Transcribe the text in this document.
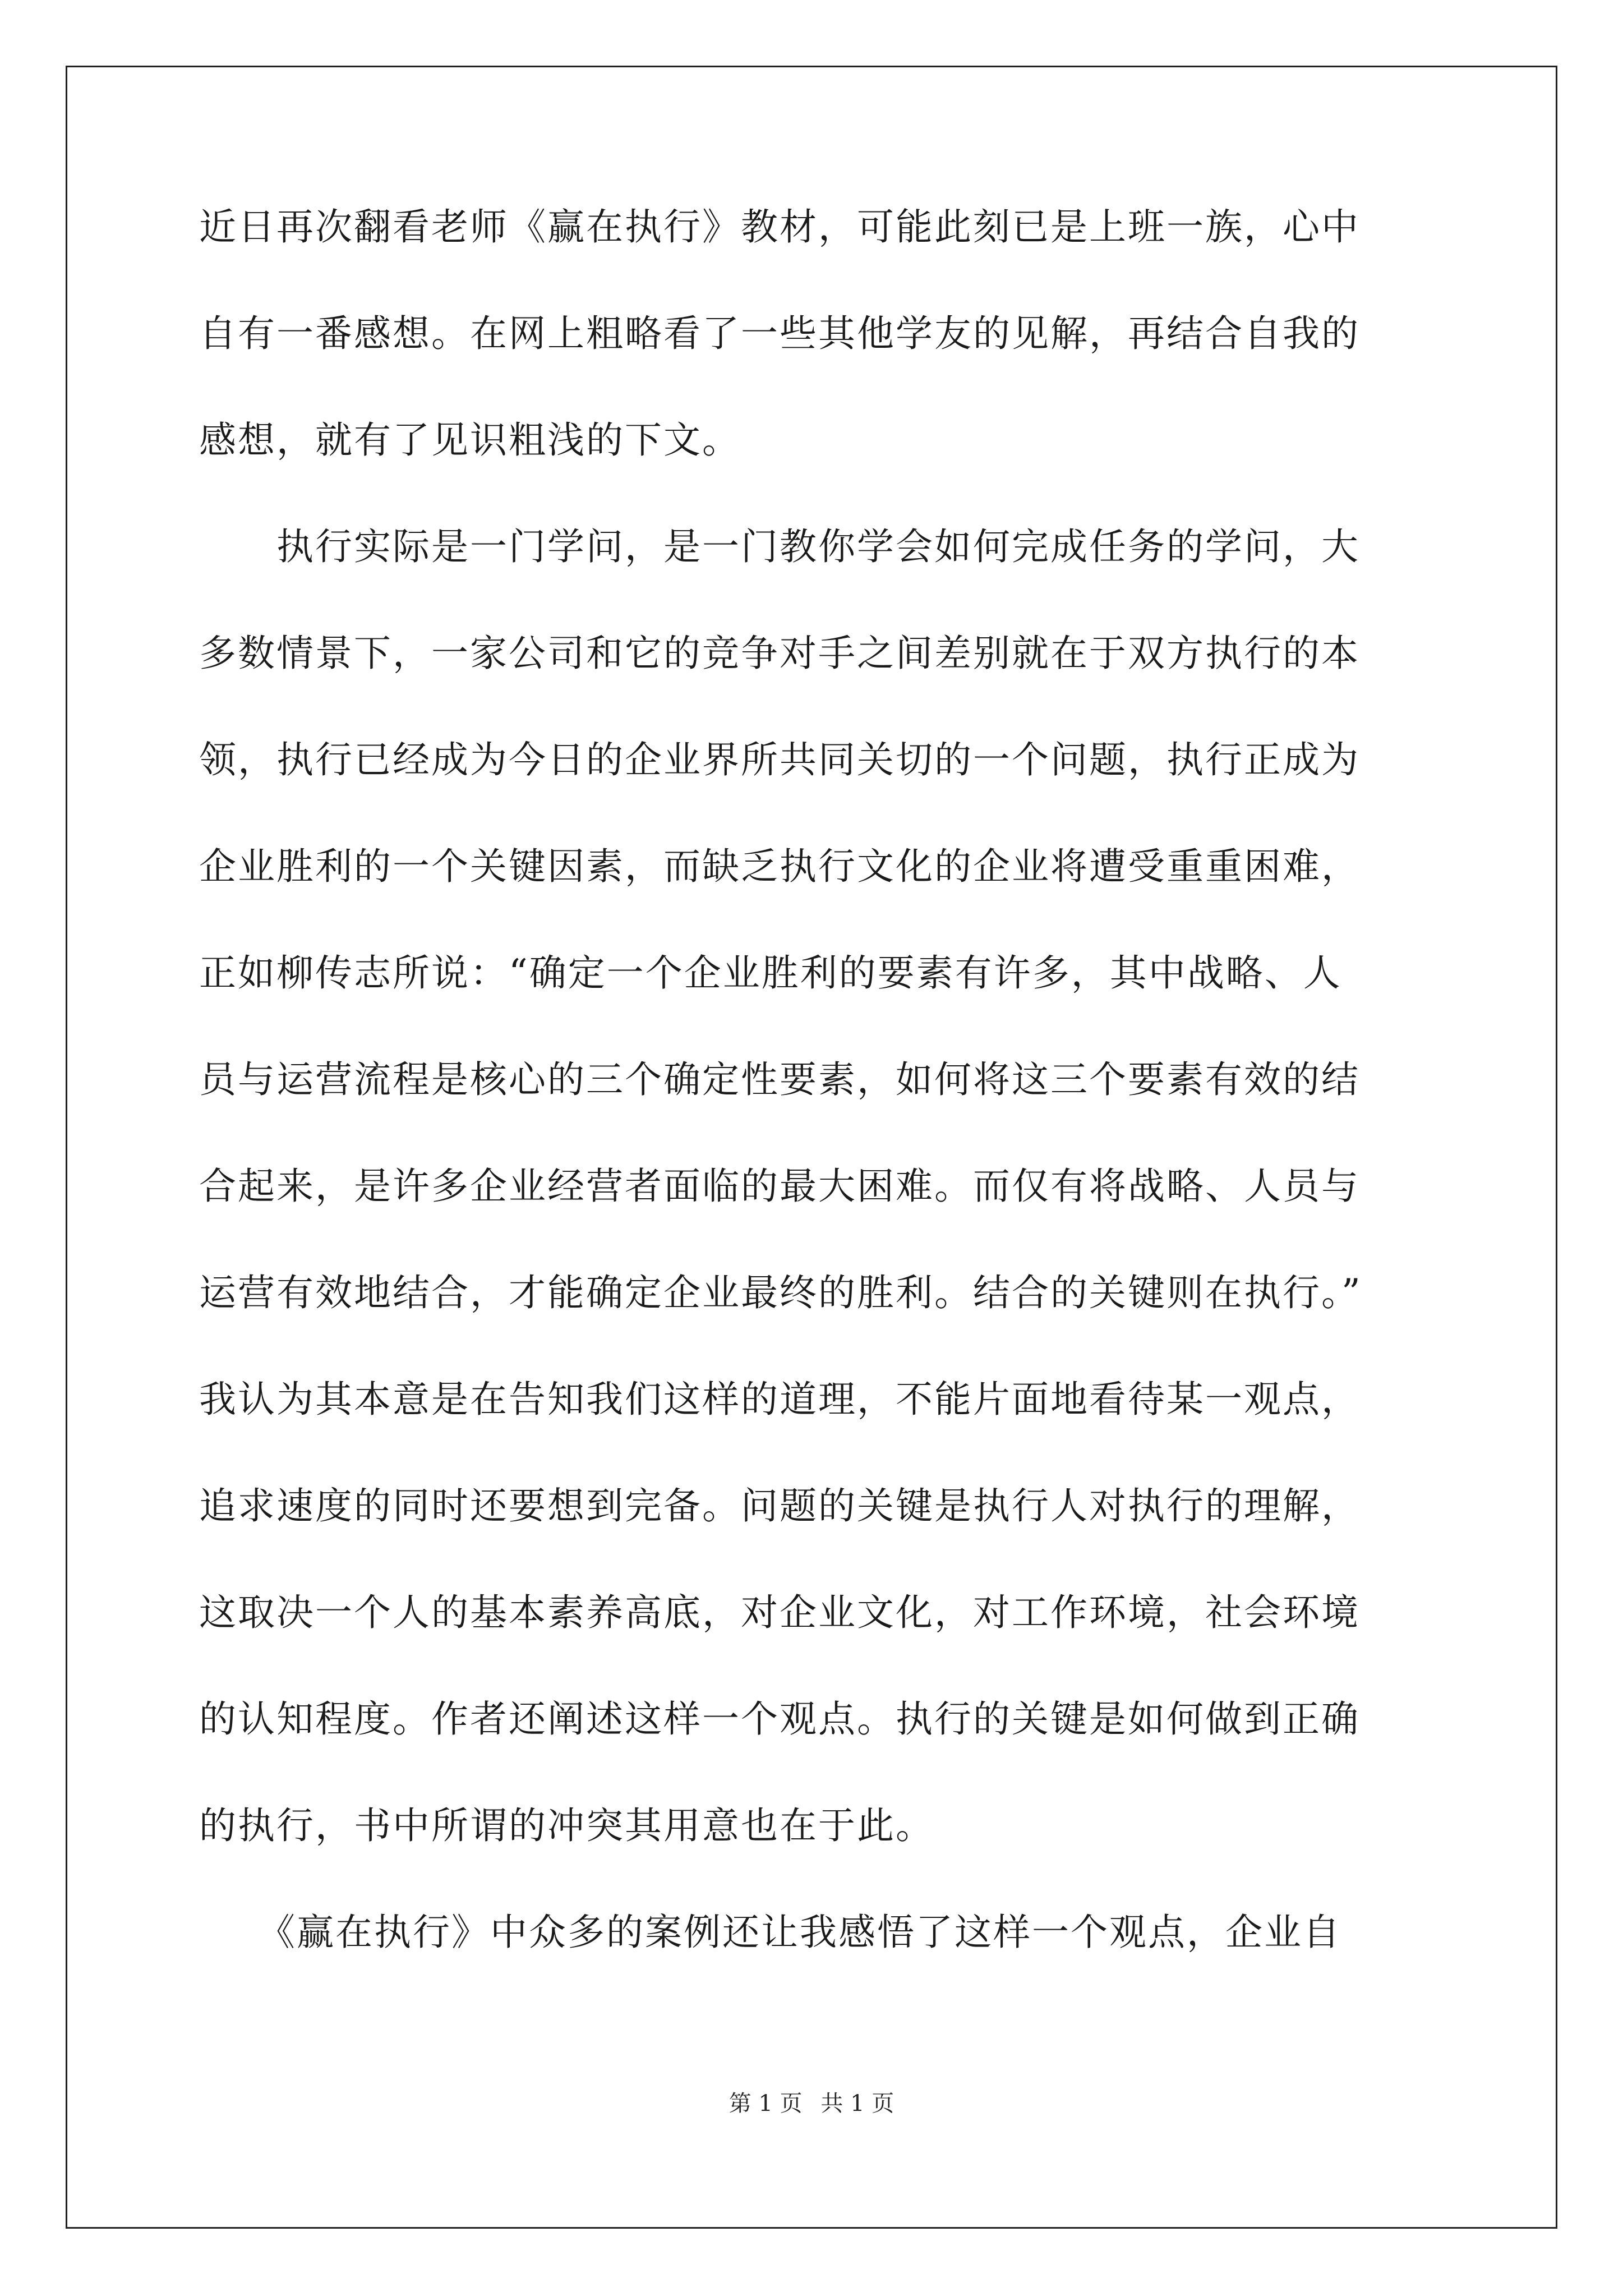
近日再次翻看老师《赢在执行》教材，可能此刻已是上班一族，心中
自有一番感想。在网上粗略看了一些其他学友的见解，再结合自我的
感想，就有了见识粗浅的下文。
　　执行实际是一门学问，是一门教你学会如何完成任务的学问，大
多数情景下，一家公司和它的竞争对手之间差别就在于双方执行的本
领，执行已经成为今日的企业界所共同关切的一个问题，执行正成为
企业胜利的一个关键因素，而缺乏执行文化的企业将遭受重重困难，
正如柳传志所说：“确定一个企业胜利的要素有许多，其中战略、人
员与运营流程是核心的三个确定性要素，如何将这三个要素有效的结
合起来，是许多企业经营者面临的最大困难。而仅有将战略、人员与
运营有效地结合，才能确定企业最终的胜利。结合的关键则在执行。”
我认为其本意是在告知我们这样的道理，不能片面地看待某一观点，
追求速度的同时还要想到完备。问题的关键是执行人对执行的理解，
这取决一个人的基本素养高底，对企业文化，对工作环境，社会环境
的认知程度。作者还阐述这样一个观点。执行的关键是如何做到正确
的执行，书中所谓的冲突其用意也在于此。
　　《赢在执行》中众多的案例还让我感悟了这样一个观点，企业自
第 1 页 共 1 页
